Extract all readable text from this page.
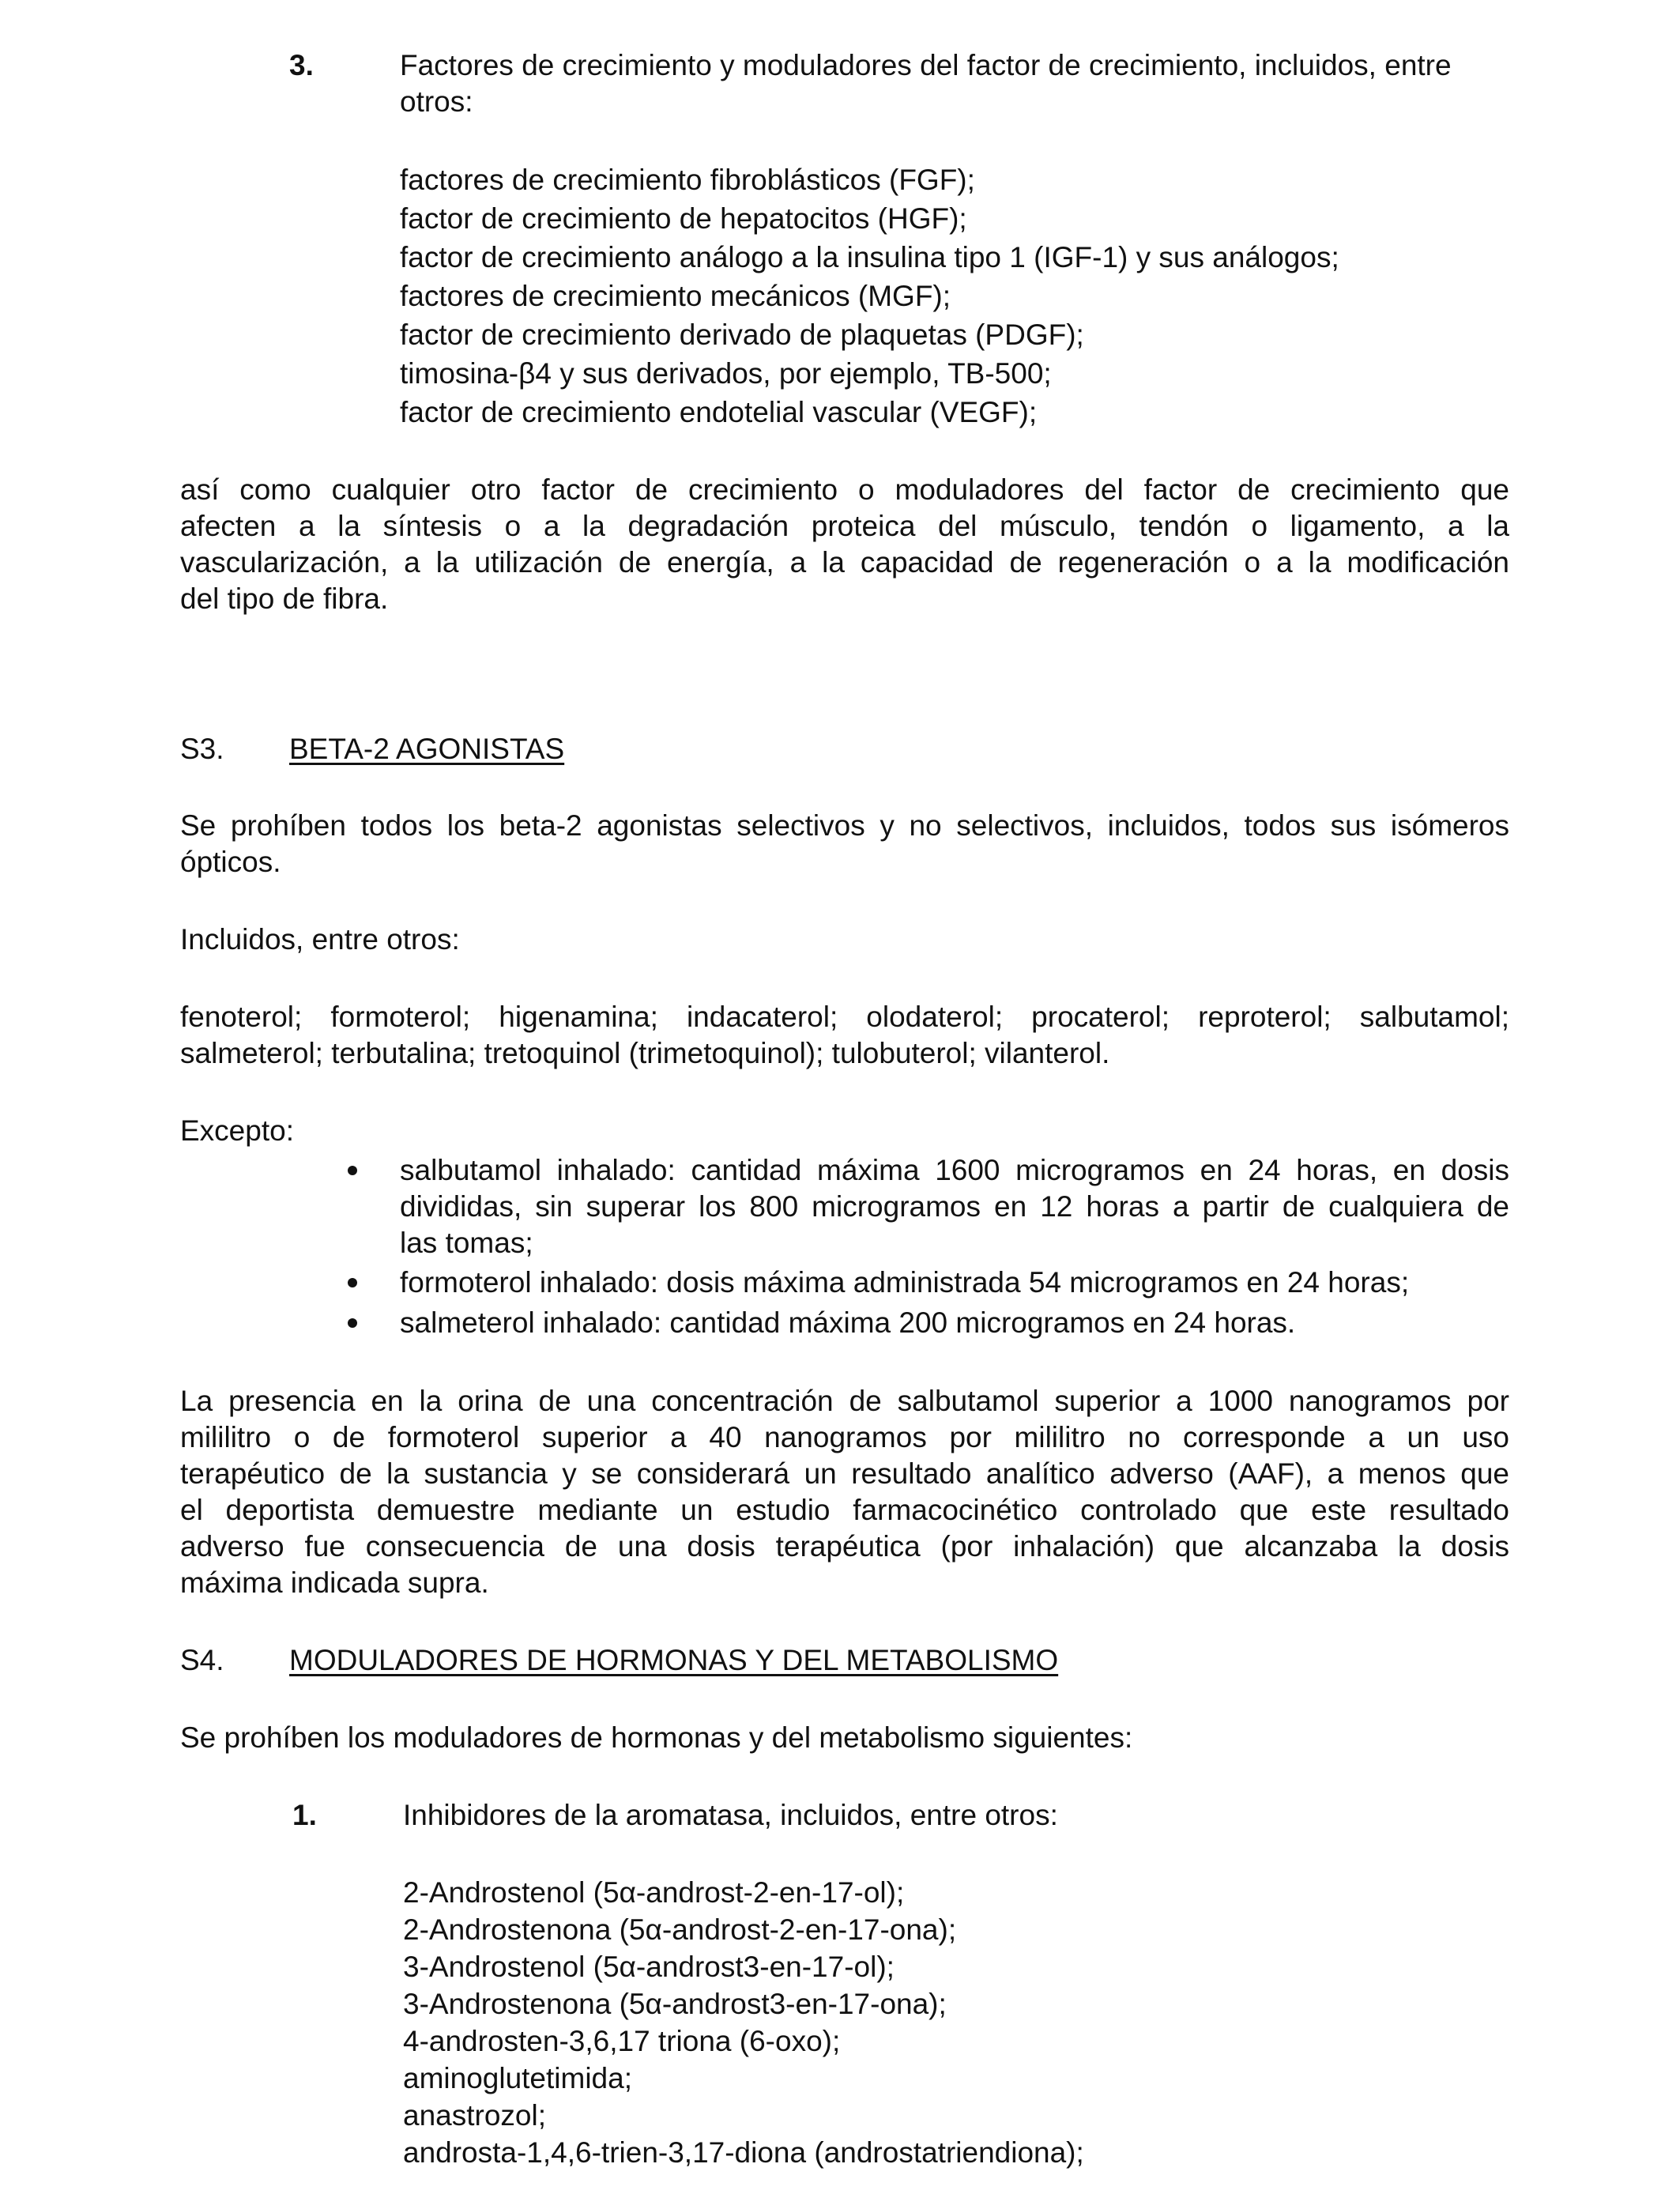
3.	Factores de crecimiento y moduladores del factor de crecimiento, incluidos, entre
otros:
factores de crecimiento fibroblásticos (FGF);
factor de crecimiento de hepatocitos (HGF);
factor de crecimiento análogo a la insulina tipo 1 (IGF-1) y sus análogos;
factores de crecimiento mecánicos (MGF);
factor de crecimiento derivado de plaquetas (PDGF);
timosina-β4 y sus derivados, por ejemplo, TB-500;
factor de crecimiento endotelial vascular (VEGF);
así como cualquier otro factor de crecimiento o moduladores del factor de crecimiento que
afecten a la síntesis o a la degradación proteica del músculo, tendón o ligamento, a la
vascularización, a la utilización de energía, a la capacidad de regeneración o a la modificación
del tipo de fibra.
S3. BETA-2 AGONISTAS
Se prohíben todos los beta-2 agonistas selectivos y no selectivos, incluidos, todos sus isómeros
ópticos.
Incluidos, entre otros:
fenoterol; formoterol; higenamina; indacaterol; olodaterol; procaterol; reproterol; salbutamol;
salmeterol; terbutalina; tretoquinol (trimetoquinol); tulobuterol; vilanterol.
Excepto:
salbutamol inhalado: cantidad máxima 1600 microgramos en 24 horas, en dosis
divididas, sin superar los 800 microgramos en 12 horas a partir de cualquiera de
las tomas;
formoterol inhalado: dosis máxima administrada 54 microgramos en 24 horas;
salmeterol inhalado: cantidad máxima 200 microgramos en 24 horas.
La presencia en la orina de una concentración de salbutamol superior a 1000 nanogramos por
mililitro o de formoterol superior a 40 nanogramos por mililitro no corresponde a un uso
terapéutico de la sustancia y se considerará un resultado analítico adverso (AAF), a menos que
el deportista demuestre mediante un estudio farmacocinético controlado que este resultado
adverso fue consecuencia de una dosis terapéutica (por inhalación) que alcanzaba la dosis
máxima indicada supra.
S4. MODULADORES DE HORMONAS Y DEL METABOLISMO
Se prohíben los moduladores de hormonas y del metabolismo siguientes:
1.	Inhibidores de la aromatasa, incluidos, entre otros:
2-Androstenol (5α-androst-2-en-17-ol);
2-Androstenona (5α-androst-2-en-17-ona);
3-Androstenol (5α-androst3-en-17-ol);
3-Androstenona (5α-androst3-en-17-ona);
4-androsten-3,6,17 triona (6-oxo);
aminoglutetimida;
anastrozol;
androsta-1,4,6-trien-3,17-diona (androstatriendiona);
